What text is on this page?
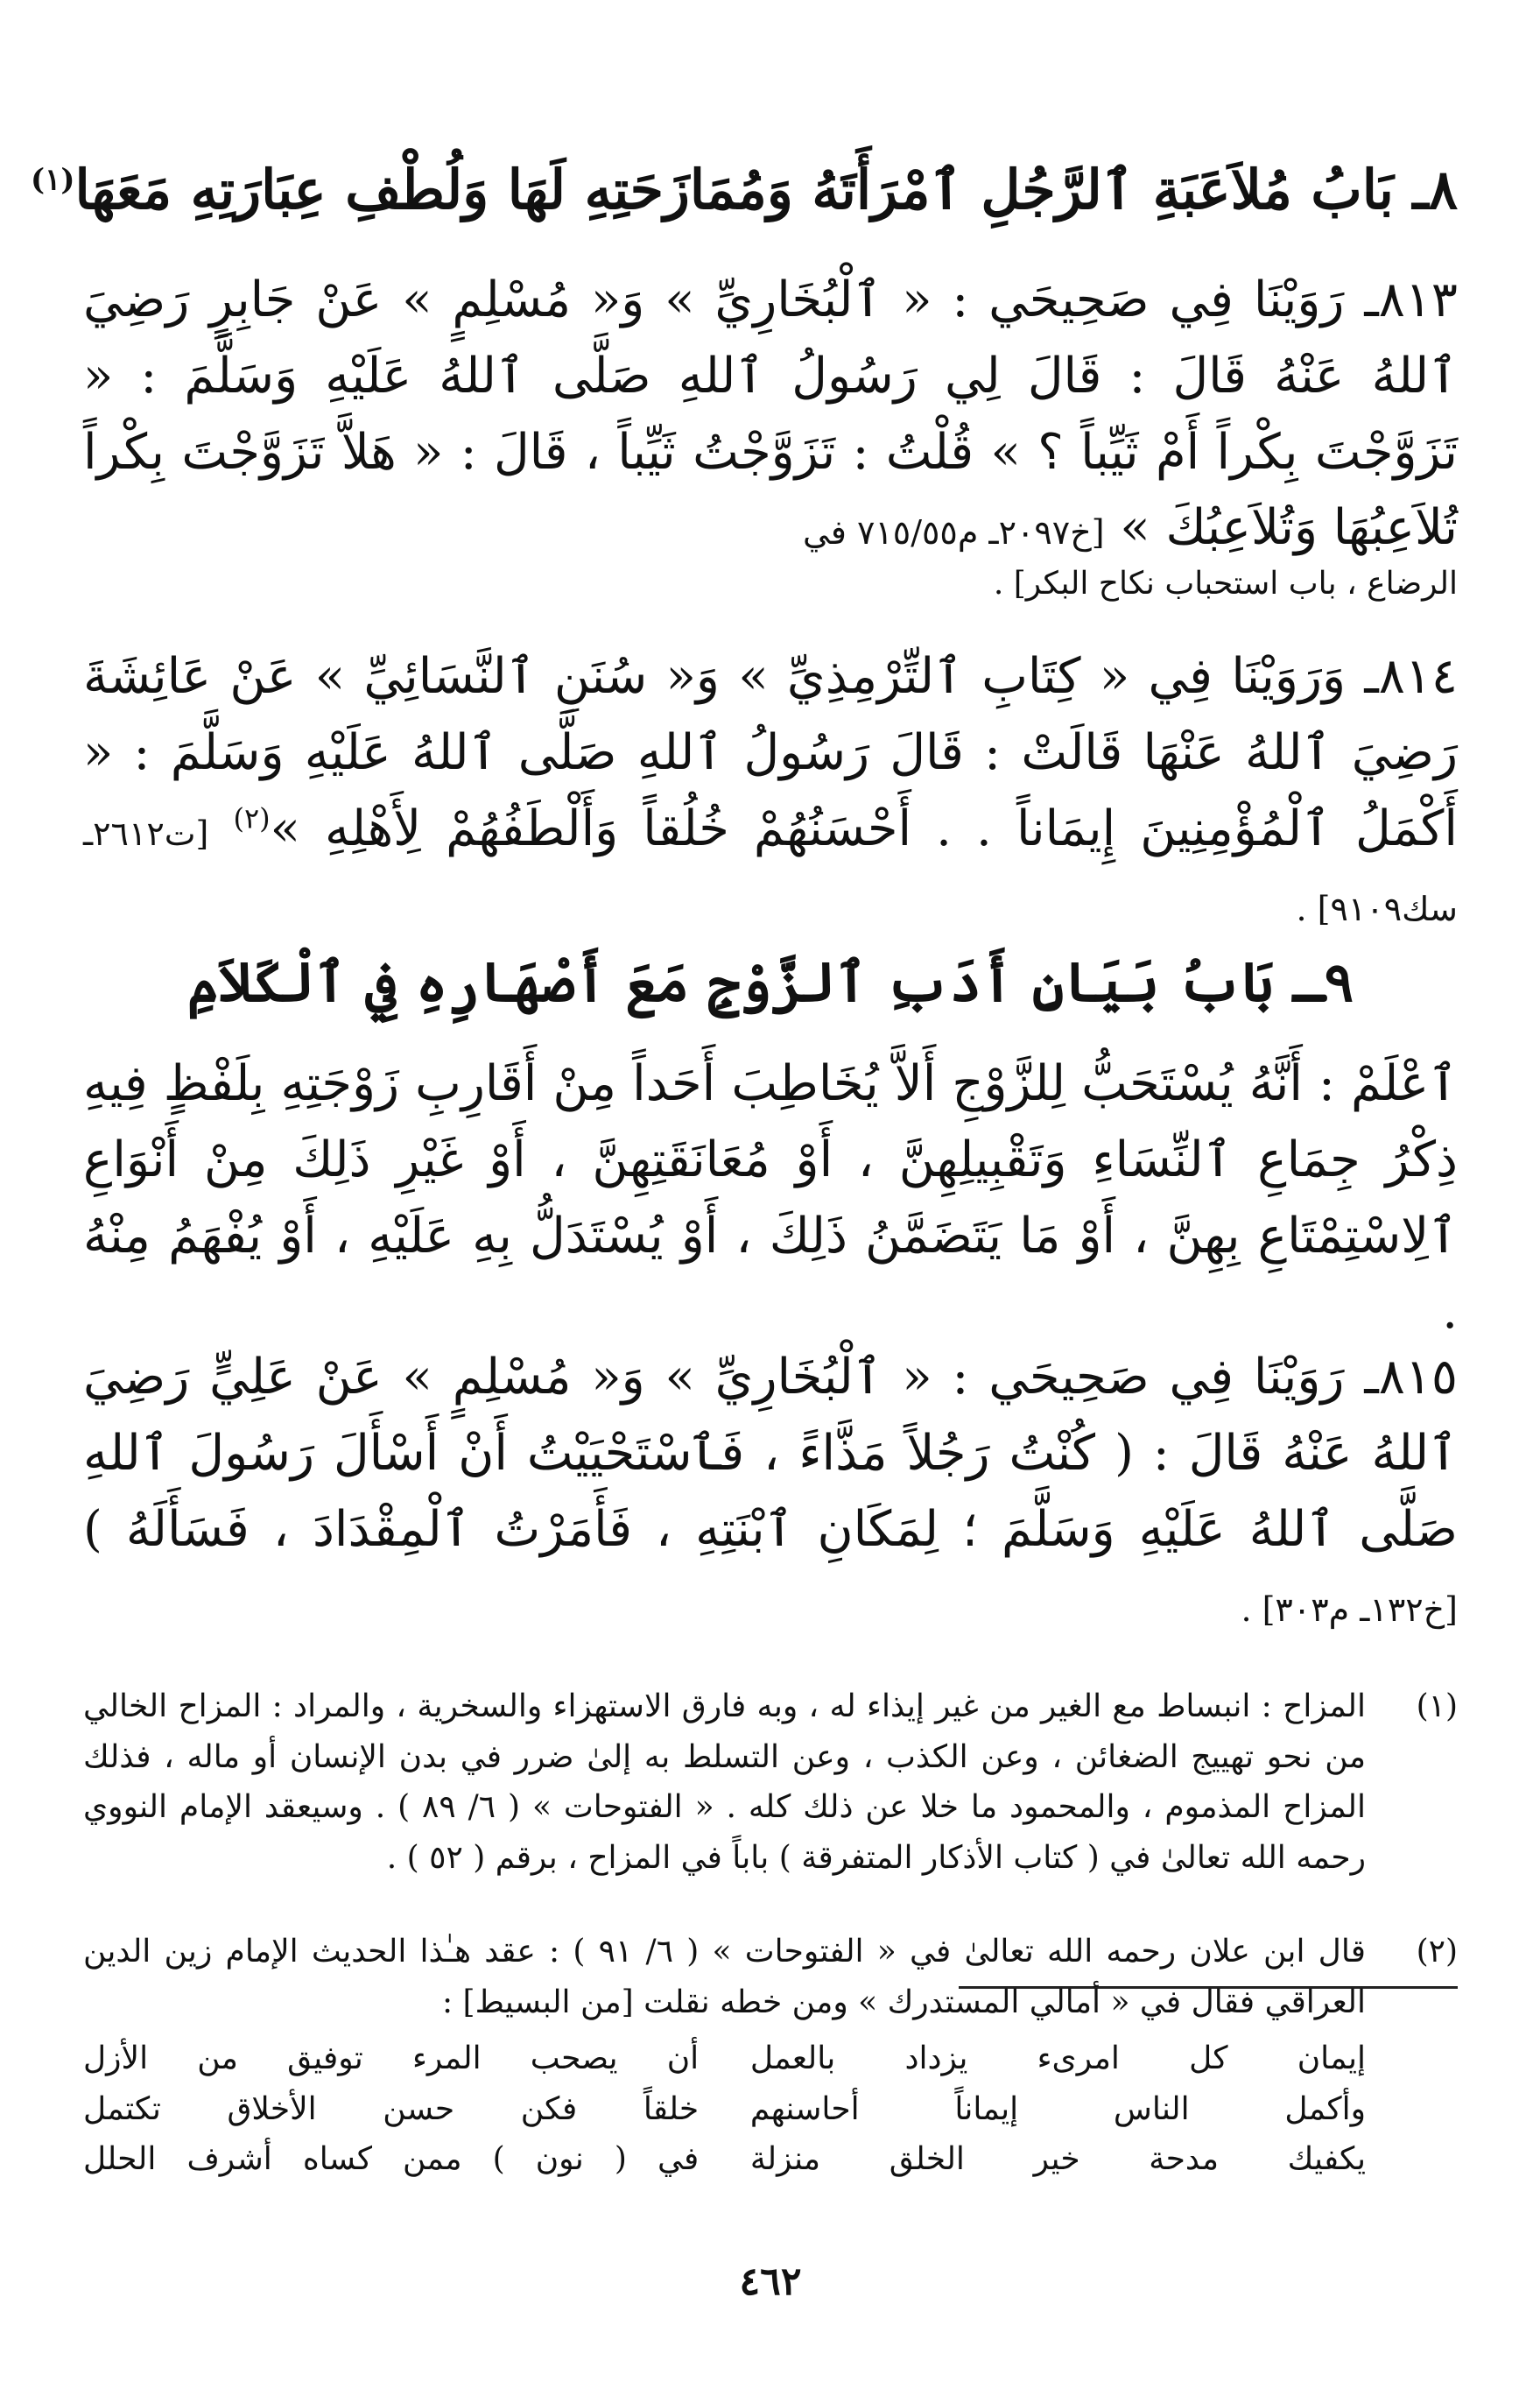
٨ـ بَابُ مُلاَعَبَةِ ٱلرَّجُلِ ٱمْرَأَتَهُ وَمُمَازَحَتِهِ لَهَا وَلُطْفِ عِبَارَتِهِ مَعَهَا$^{(١)}$
٨١٣ـ رَوَيْنَا فِي صَحِيحَي : « ٱلْبُخَارِيِّ » وَ« مُسْلِمٍ » عَنْ جَابِرٍ رَضِيَ ٱللهُ عَنْهُ قَالَ : قَالَ لِي رَسُولُ ٱللهِ صَلَّى ٱللهُ عَلَيْهِ وَسَلَّمَ : « تَزَوَّجْتَ بِكْراً أَمْ ثَيِّباً ؟ » قُلْتُ : تَزَوَّجْتُ ثَيِّباً ، قَالَ : « هَلاَّ تَزَوَّجْتَ بِكْراً تُلاَعِبُهَا وَتُلاَعِبُكَ » [خ٢٠٩٧ـ م٧١٥/٥٥ في
الرضاع ، باب استحباب نكاح البكر] .
٨١٤ـ وَرَوَيْنَا فِي « كِتَابِ ٱلتِّرْمِذِيِّ » وَ« سُنَنِ ٱلنَّسَائِيِّ » عَنْ عَائِشَةَ رَضِيَ ٱللهُ عَنْهَا قَالَتْ : قَالَ رَسُولُ ٱللهِ صَلَّى ٱللهُ عَلَيْهِ وَسَلَّمَ : « أَكْمَلُ ٱلْمُؤْمِنِينَ إِيمَاناً . . أَحْسَنُهُمْ خُلُقاً وَأَلْطَفُهُمْ لِأَهْلِهِ »$^{(٢)}$ [ت٢٦١٢ـ سك٩١٠٩] .
٩ـ بَابُ بَيَانِ أَدَبِ ٱلزَّوْجِ مَعَ أَصْهَارِهِ فِي ٱلْكَلاَمِ
ٱعْلَمْ : أَنَّهُ يُسْتَحَبُّ لِلزَّوْجِ أَلاَّ يُخَاطِبَ أَحَداً مِنْ أَقَارِبِ زَوْجَتِهِ بِلَفْظٍ فِيهِ ذِكْرُ جِمَاعِ ٱلنِّسَاءِ وَتَقْبِيلِهِنَّ ، أَوْ مُعَانَقَتِهِنَّ ، أَوْ غَيْرِ ذَلِكَ مِنْ أَنْوَاعِ ٱلِاسْتِمْتَاعِ بِهِنَّ ، أَوْ مَا يَتَضَمَّنُ ذَلِكَ ، أَوْ يُسْتَدَلُّ بِهِ عَلَيْهِ ، أَوْ يُفْهَمُ مِنْهُ .
٨١٥ـ رَوَيْنَا فِي صَحِيحَي : « ٱلْبُخَارِيِّ » وَ« مُسْلِمٍ » عَنْ عَلِيٍّ رَضِيَ ٱللهُ عَنْهُ قَالَ : ( كُنْتُ رَجُلاً مَذَّاءً ، فَٱسْتَحْيَيْتُ أَنْ أَسْأَلَ رَسُولَ ٱللهِ صَلَّى ٱللهُ عَلَيْهِ وَسَلَّمَ ؛ لِمَكَانِ ٱبْنَتِهِ ، فَأَمَرْتُ ٱلْمِقْدَادَ ، فَسَأَلَهُ ) [خ١٣٢ـ م٣٠٣] .
(١)
المزاح : انبساط مع الغير من غير إيذاء له ، وبه فارق الاستهزاء والسخرية ، والمراد : المزاح الخالي من نحو تهييج الضغائن ، وعن الكذب ، وعن التسلط به إلىٰ ضرر في بدن الإنسان أو ماله ، فذلك المزاح المذموم ، والمحمود ما خلا عن ذلك كله . « الفتوحات » ( ٦/ ٨٩ ) . وسيعقد الإمام النووي رحمه الله تعالىٰ في ( كتاب الأذكار المتفرقة ) باباً في المزاح ، برقم ( ٥٢ ) .
(٢)
قال ابن علان رحمه الله تعالىٰ في « الفتوحات » ( ٦/ ٩١ ) : عقد هـٰذا الحديث الإمام زين الدين العراقي فقال في « أمالي المستدرك » ومن خطه نقلت [من البسيط] :
إيمان كل امرىء يزداد بالعمل
أن يصحب المرء توفيق من الأزل
وأكمل الناس إيماناً أحاسنهم
خلقاً فكن حسن الأخلاق تكتمل
يكفيك مدحة خير الخلق منزلة
في ( نون ) ممن كساه أشرف الحلل
٤٦٢
